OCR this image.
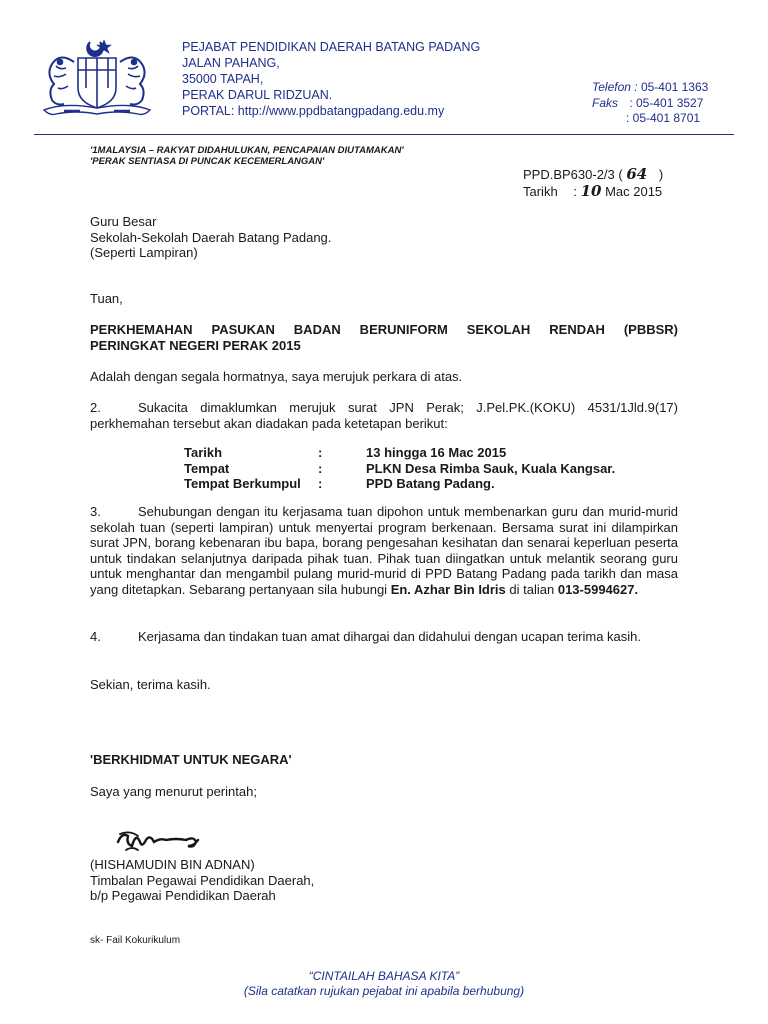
PEJABAT PENDIDIKAN DAERAH BATANG PADANG

JALAN PAHANG,

35000 TAPAH,

PERAK DARUL RIDZUAN.

PORTAL: http://www.ppdbatangpadang.edu.my

Telefon : 05-401 1363
Faks : 05-401 3527
: 05-401 8701
'1MALAYSIA – RAKYAT DIDAHULUKAN, PENCAPAIAN DIUTAMAKAN'
'PERAK SENTIASA DI PUNCAK KECEMERLANGAN'
PPD.BP630-2/3 ( 64 )
Tarikh : 10 Mac 2015
Guru Besar
Sekolah-Sekolah Daerah Batang Padang.
(Seperti Lampiran)
Tuan,
PERKHEMAHAN PASUKAN BADAN BERUNIFORM SEKOLAH RENDAH (PBBSR)
PERINGKAT NEGERI PERAK 2015
Adalah dengan segala hormatnya, saya merujuk perkara di atas.
2.	Sukacita dimaklumkan merujuk surat JPN Perak; J.Pel.PK.(KOKU) 4531/1Jld.9(17)
perkhemahan tersebut akan diadakan pada ketetapan berikut:
Tarikh	:	13 hingga 16 Mac 2015
Tempat	:	PLKN Desa Rimba Sauk, Kuala Kangsar.
Tempat Berkumpul	:	PPD Batang Padang.
3.	Sehubungan dengan itu kerjasama tuan dipohon untuk membenarkan guru dan murid-murid sekolah tuan (seperti lampiran) untuk menyertai program berkenaan. Bersama surat ini dilampirkan surat JPN, borang kebenaran ibu bapa, borang pengesahan kesihatan dan senarai keperluan peserta untuk tindakan selanjutnya daripada pihak tuan. Pihak tuan diingatkan untuk melantik seorang guru untuk menghantar dan mengambil pulang murid-murid di PPD Batang Padang pada tarikh dan masa yang ditetapkan. Sebarang pertanyaan sila hubungi En. Azhar Bin Idris di talian 013-5994627.
4.	Kerjasama dan tindakan tuan amat dihargai dan didahului dengan ucapan terima kasih.
Sekian, terima kasih.
'BERKHIDMAT UNTUK NEGARA'
Saya yang menurut perintah;
(HISHAMUDIN BIN ADNAN)
Timbalan Pegawai Pendidikan Daerah,
b/p Pegawai Pendidikan Daerah
sk- Fail Kokurikulum
“CINTAILAH BAHASA KITA”
(Sila catatkan rujukan pejabat ini apabila berhubung)
